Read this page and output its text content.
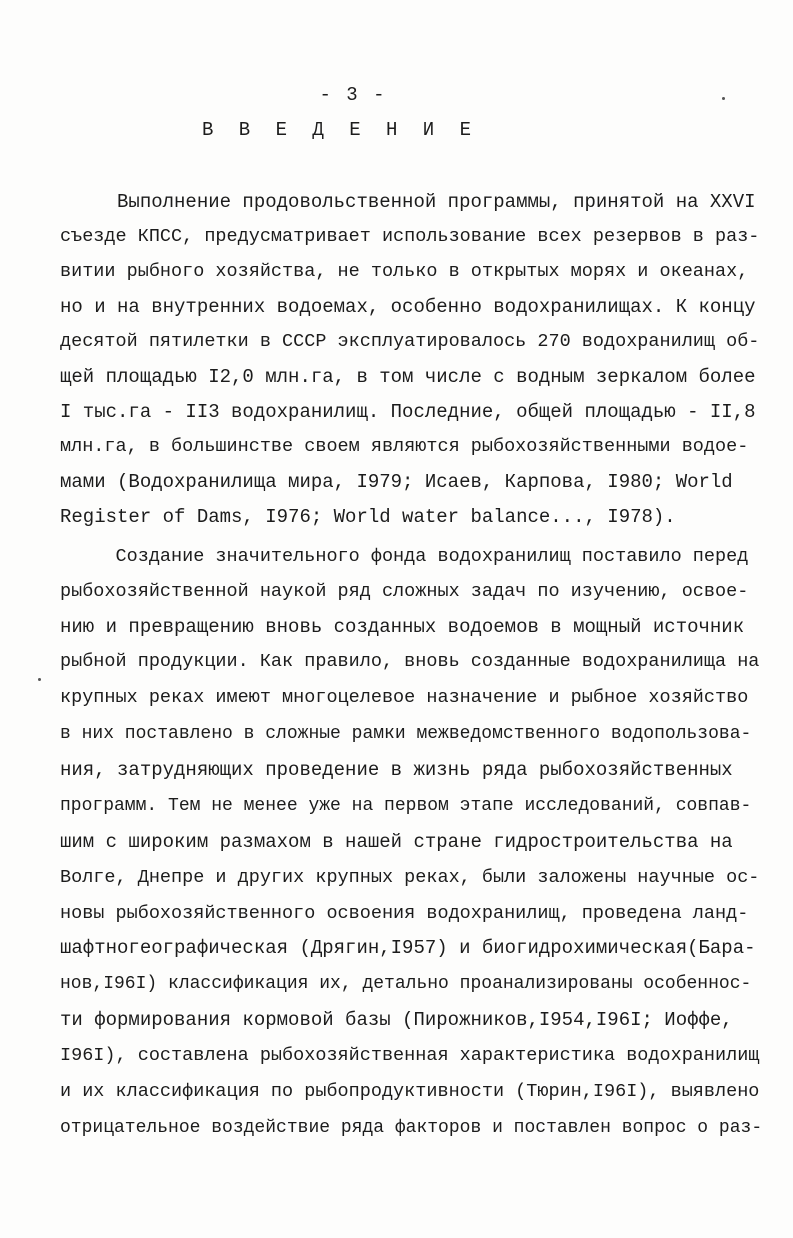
- 3 -
В В Е Д Е Н И Е
Выполнение продовольственной программы, принятой на XXVI
съезде КПСС, предусматривает использование всех резервов в раз-
витии рыбного хозяйства, не только в открытых морях и океанах,
но и на внутренних водоемах, особенно водохранилищах. К концу
десятой пятилетки в СССР эксплуатировалось 270 водохранилищ об-
щей площадью I2,0 млн.га, в том числе с водным зеркалом более
I тыс.га - II3 водохранилищ. Последние, общей площадью - II,8
млн.га, в большинстве своем являются рыбохозяйственными водое-
мами (Водохранилища мира, I979; Исаев, Карпова, I980; World
Register of Dams, I976; World water balance..., I978).
Создание значительного фонда водохранилищ поставило перед
рыбохозяйственной наукой ряд сложных задач по изучению, освое-
нию и превращению вновь созданных водоемов в мощный источник
рыбной продукции. Как правило, вновь созданные водохранилища на
крупных реках имеют многоцелевое назначение и рыбное хозяйство
в них поставлено в сложные рамки межведомственного водопользова-
ния, затрудняющих проведение в жизнь ряда рыбохозяйственных
программ. Тем не менее уже на первом этапе исследований, совпав-
шим с широким размахом в нашей стране гидростроительства на
Волге, Днепре и других крупных реках, были заложены научные ос-
новы рыбохозяйственного освоения водохранилищ, проведена ланд-
шафтногеографическая (Дрягин,I957) и биогидрохимическая(Бара-
нов,I96I) классификация их, детально проанализированы особеннос-
ти формирования кормовой базы (Пирожников,I954,I96I; Иоффе,
I96I), составлена рыбохозяйственная характеристика водохранилищ
и их классификация по рыбопродуктивности (Тюрин,I96I), выявлено
отрицательное воздействие ряда факторов и поставлен вопрос о раз-
